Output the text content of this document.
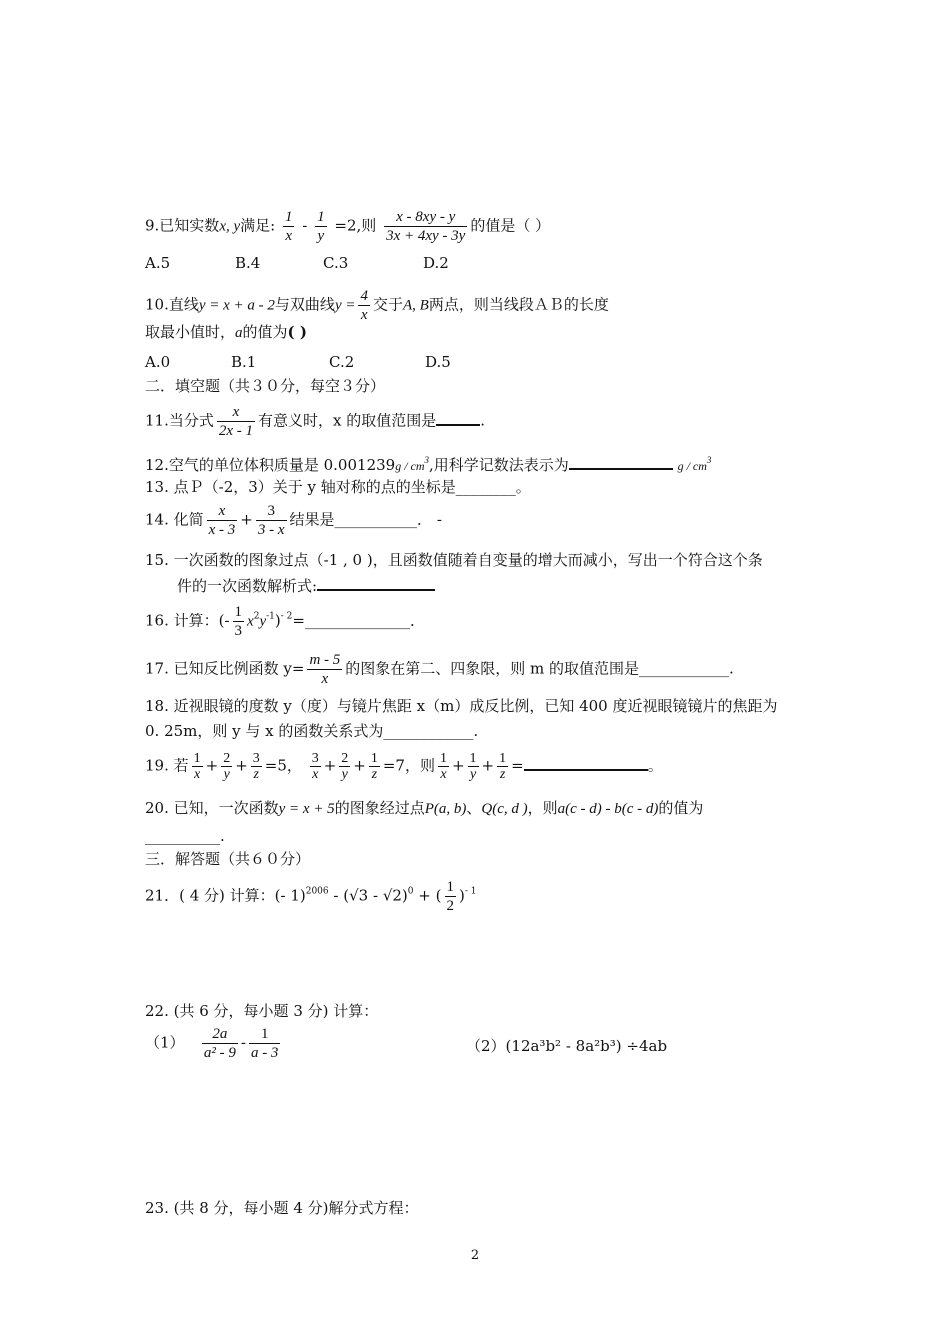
9.已知实数x, y满足: $\frac{1}{x} - \frac{1}{y} =2$,则 $\frac{x - 8xy - y}{3x + 4xy - 3y}$ 的值是（ ）
A.5	B.4	C.3	D.2
10.直线y = x + a - 2与双曲线$y = \frac{4}{x}$ 交于A, B两点，则当线段ＡＢ的长度
取最小值时，a的值为( )
A.0	B.1	C.2	D.5
二．填空题（共３０分，每空３分）
11.当分式 $\frac{x}{2x - 1}$ 有意义时，x 的取值范围是	.
12.空气的单位体积质量是 $0.001239g / cm^3$,用科学记数法表示为	g / $cm^3$
13. 点Ｐ（-2，3）关于 y 轴对称的点的坐标是________。
14. 化简 $\frac{x}{x - 3} + \frac{3}{3 - x}$ 结果是___________． -
15. 一次函数的图象过点（-1 , 0 )，且函数值随着自变量的增大而减小，写出一个符合这个条
件的一次函数解析式:
16. 计算：(- $\frac{1}{3}$ $x^2y^{-1})^{- 2}=\_\_\_\_\_\_\_\_\_\_\_\_\_\_$．
17. 已知反比例函数 $y= \frac{m - 5}{x}$ 的图象在第二、四象限，则 m 的取值范围是____________.
18. 近视眼镜的度数 y（度）与镜片焦距 x（m）成反比例，已知 400 度近视眼镜镜片的焦距为
0. 25m，则 y 与 x 的函数关系式为____________.
19. 若 $\frac{1}{x} + \frac{2}{y} + \frac{3}{z} =5$， $\frac{3}{x} + \frac{2}{y} + \frac{1}{z} =7$，则 $\frac{1}{x} + \frac{1}{y} + \frac{1}{z}$ =	。
20. 已知，一次函数y = x + 5的图象经过点P(a, b)、Q(c, d )，则a(c - d) - b(c - d)的值为
__________.
三．解答题（共６０分）
21．( 4 分) 计算：(- 1)$^{2006}$ - (√3 - √2)$^0$ + ( $\frac{1}{2} )^{- 1}$
22. (共 6 分，每小题 3 分) 计算：
$(1) \frac{2a}{\text{a² - 9}} - \frac{1}{a - 3}$	（2）(12a³b² - 8a²b³) ÷4ab
23. (共 8 分，每小题 4 分)解分式方程：
2
